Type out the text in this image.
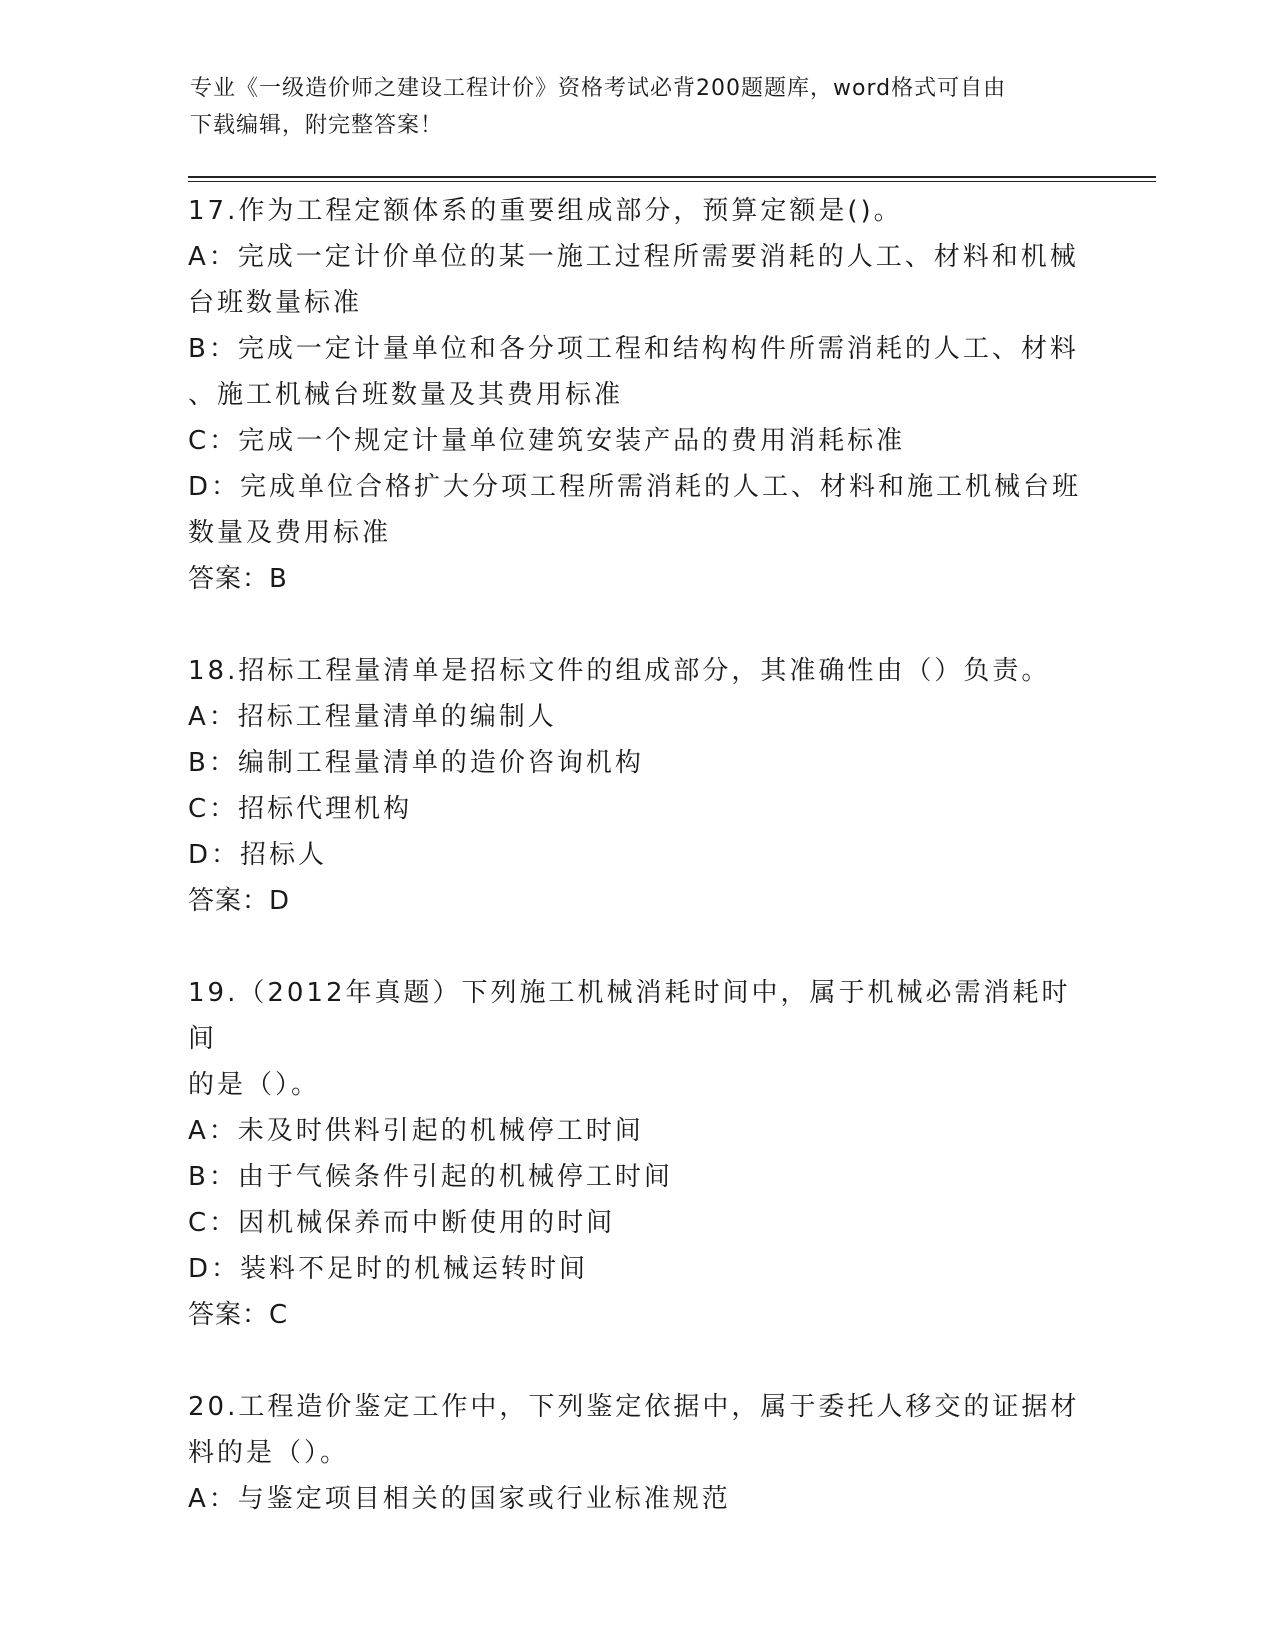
专业《一级造价师之建设工程计价》资格考试必背200题题库，word格式可自由
下载编辑，附完整答案！

17.作为工程定额体系的重要组成部分，预算定额是()。

A：完成一定计价单位的某一施工过程所需要消耗的人工、材料和机械

台班数量标准

B：完成一定计量单位和各分项工程和结构构件所需消耗的人工、材料

、施工机械台班数量及其费用标准

C：完成一个规定计量单位建筑安装产品的费用消耗标准

D：完成单位合格扩大分项工程所需消耗的人工、材料和施工机械台班

数量及费用标准

答案：B

18.招标工程量清单是招标文件的组成部分，其准确性由（）负责。

A：招标工程量清单的编制人

B：编制工程量清单的造价咨询机构

C：招标代理机构

D：招标人

答案：D

19.（2012年真题）下列施工机械消耗时间中，属于机械必需消耗时间

的是（）。

A：未及时供料引起的机械停工时间

B：由于气候条件引起的机械停工时间

C：因机械保养而中断使用的时间

D：装料不足时的机械运转时间

答案：C

20.工程造价鉴定工作中，下列鉴定依据中，属于委托人移交的证据材

料的是（）。

A：与鉴定项目相关的国家或行业标准规范
